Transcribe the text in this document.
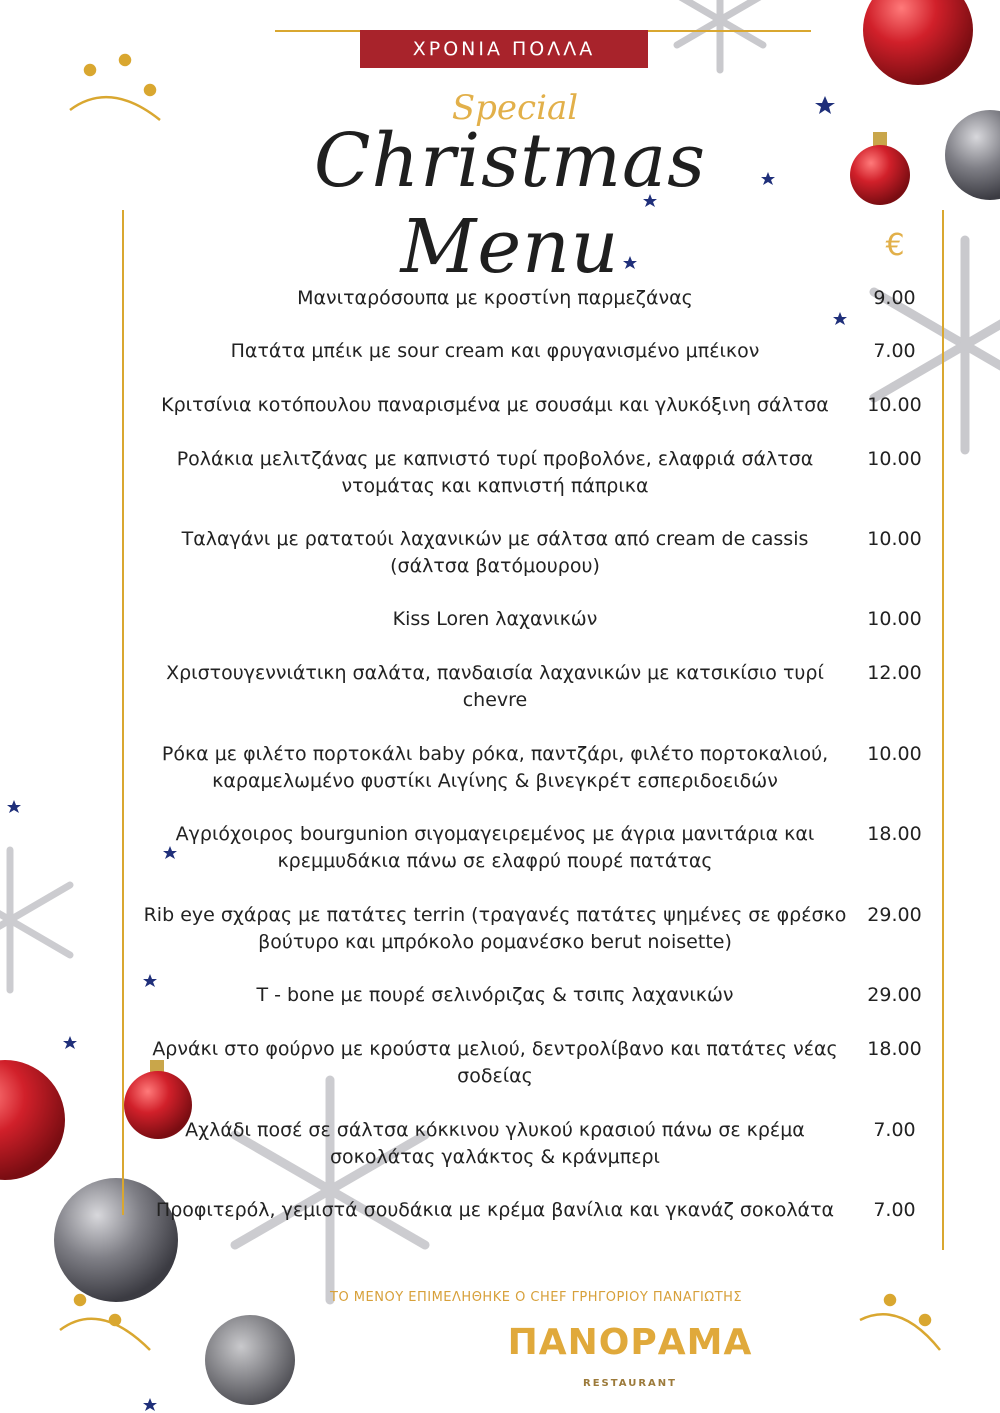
ΧΡΟΝΙΑ ΠΟΛΛΑ
Special
Christmas Menu	€
Μανιταρόσουπα με κροστίνη παρμεζάνας	9.00
Πατάτα μπέικ με sour cream και φρυγανισμένο μπέικον	7.00
Κριτσίνια κοτόπουλου παναρισμένα με σουσάμι και γλυκόξινη σάλτσα	10.00
Ρολάκια μελιτζάνας με καπνιστό τυρί προβολόνε, ελαφριά σάλτσα ντομάτας και καπνιστή πάπρικα
10.00
Ταλαγάνι με ρατατούι λαχανικών με σάλτσα από cream de cassis (σάλτσα βατόμουρου)
10.00
Kiss Loren λαχανικών	10.00
Χριστουγεννιάτικη σαλάτα, πανδαισία λαχανικών με κατσικίσιο τυρί chevre
12.00
Ρόκα με φιλέτο πορτοκάλι baby ρόκα, παντζάρι, φιλέτο πορτοκαλιού, καραμελωμένο φυστίκι Αιγίνης & βινεγκρέτ εσπεριδοειδών
10.00
Αγριόχοιρος bourgunion σιγομαγειρεμένος με άγρια μανιτάρια και κρεμμυδάκια πάνω σε ελαφρύ πουρέ πατάτας
18.00
Rib eye σχάρας με πατάτες terrin (τραγανές πατάτες ψημένες σε φρέσκο βούτυρο και μπρόκολο ρομανέσκο berut noisette)
29.00
T - bone με πουρέ σελινόριζας & τσιπς λαχανικών	29.00
Αρνάκι στο φούρνο με κρούστα μελιού, δεντρολίβανο και πατάτες νέας σοδείας
18.00
Αχλάδι ποσέ σε σάλτσα κόκκινου γλυκού κρασιού πάνω σε κρέμα σοκολάτας γαλάκτος & κράνμπερι
7.00
Προφιτερόλ, γεμιστά σουδάκια με κρέμα βανίλια και γκανάζ σοκολάτα	7.00
ΤΟ ΜΕΝΟΥ ΕΠΙΜΕΛΗΘΗΚΕ Ο CHEF ΓΡΗΓΟΡΙΟΥ ΠΑΝΑΓΙΩΤΗΣ
ΠΑΝΟΡΑΜΑ
RESTAURANT
